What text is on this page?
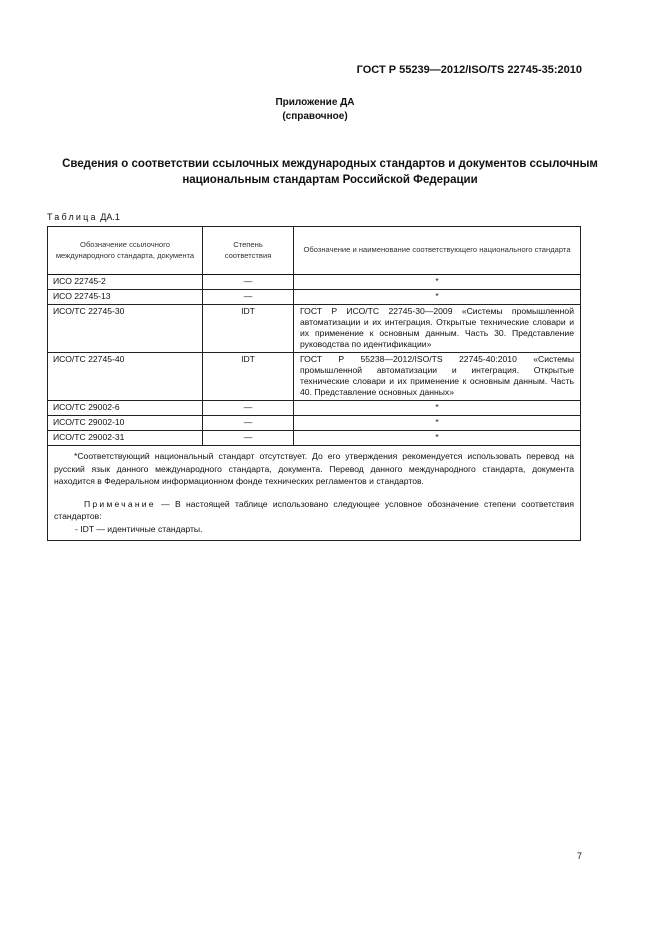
ГОСТ Р 55239—2012/ISO/TS 22745-35:2010
Приложение ДА
(справочное)
Сведения о соответствии ссылочных международных стандартов и документов ссылочным
национальным стандартам Российской Федерации
Таблица ДА.1
Обозначение ссылочного международного стандарта, документа	Степень соответствия	Обозначение и наименование соответствующего национального стандарта
ИСО 22745-2	—	*
ИСО 22745-13	—	*
ИСО/ТС 22745-30	IDT	ГОСТ Р ИСО/ТС 22745-30—2009 «Системы промышленной автоматизации и их интеграция. Открытые технические словари и их применение к основным данным. Часть 30. Представление руководства по идентификации»
ИСО/ТС 22745-40	IDT	ГОСТ Р 55238—2012/ISO/TS 22745-40:2010 «Системы промышленной автоматизации и интеграция. Открытые технические словари и их применение к основным данным. Часть 40. Представление основных данных»
ИСО/ТС 29002-6	—	*
ИСО/ТС 29002-10	—	*
ИСО/ТС 29002-31	—	*

*Соответствующий национальный стандарт отсутствует. До его утверждения рекомендуется использовать перевод на русский язык данного международного стандарта, документа. Перевод данного международного стандарта, документа находится в Федеральном информационном фонде технических регламентов и стандартов.

Примечание — В настоящей таблице использовано следующее условное обозначение степени соответствия стандартов:

- IDT — идентичные стандарты.		

7
